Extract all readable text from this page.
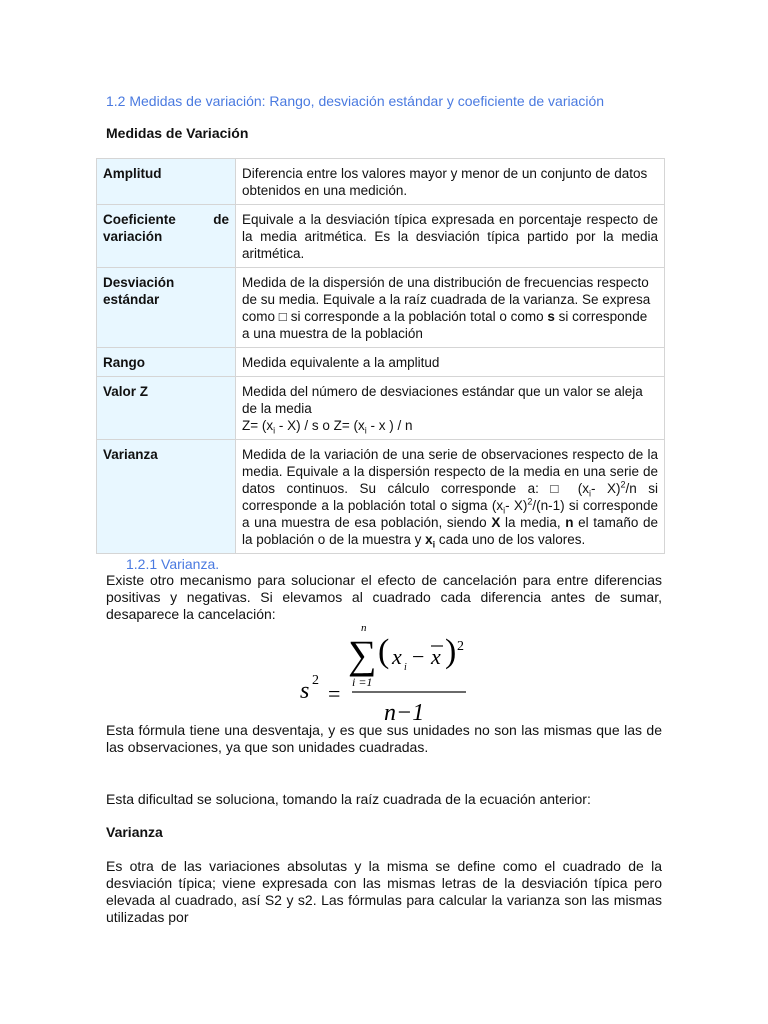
1.2 Medidas de variación: Rango, desviación estándar y coeficiente de variación
Medidas de Variación
Amplitud	Diferencia entre los valores mayor y menor de un conjunto de datos obtenidos en una medición.

Coeficiente de
variación	Equivale a la desviación típica expresada en porcentaje respecto de la media aritmética. Es la desviación típica partido por la media aritmética.
Desviación estándar	Medida de la dispersión de una distribución de frecuencias respecto de su media. Equivale a la raíz cuadrada de la varianza. Se expresa como □ si corresponde a la población total o como s si corresponde a una muestra de la población
Rango	Medida equivalente a la amplitud
Valor Z	Medida del número de desviaciones estándar que un valor se aleja de la media
$Z= (x_i - X) / s$ o $Z= (x_i - x$ ) / n

Varianza	Medida de la variación de una serie de observaciones respecto de la media. Equivale a la dispersión respecto de la media en una serie de datos continuos. Su cálculo corresponde a: □ ($x_i-$ X)$^2$/n si corresponde a la población total o sigma ($x_i-$ X)$^2$/(n-1) si corresponde a una muestra de esa población, siendo X la media, n el tamaño de la población o de la muestra y $x_i$ cada uno de los valores.
1.2.1 Varianza.
Existe otro mecanismo para solucionar el efecto de cancelación para entre diferencias positivas y negativas. Si elevamos al cuadrado cada diferencia antes de sumar, desaparece la cancelación:
n
∑
i =1
( x i − x ) 2
s 2
=
n−1
Esta fórmula tiene una desventaja, y es que sus unidades no son las mismas que las de las observaciones, ya que son unidades cuadradas.
Esta dificultad se soluciona, tomando la raíz cuadrada de la ecuación anterior:
Varianza
Es otra de las variaciones absolutas y la misma se define como el cuadrado de la desviación típica; viene expresada con las mismas letras de la desviación típica pero elevada al cuadrado, así S2 y s2. Las fórmulas para calcular la varianza son las mismas utilizadas por
